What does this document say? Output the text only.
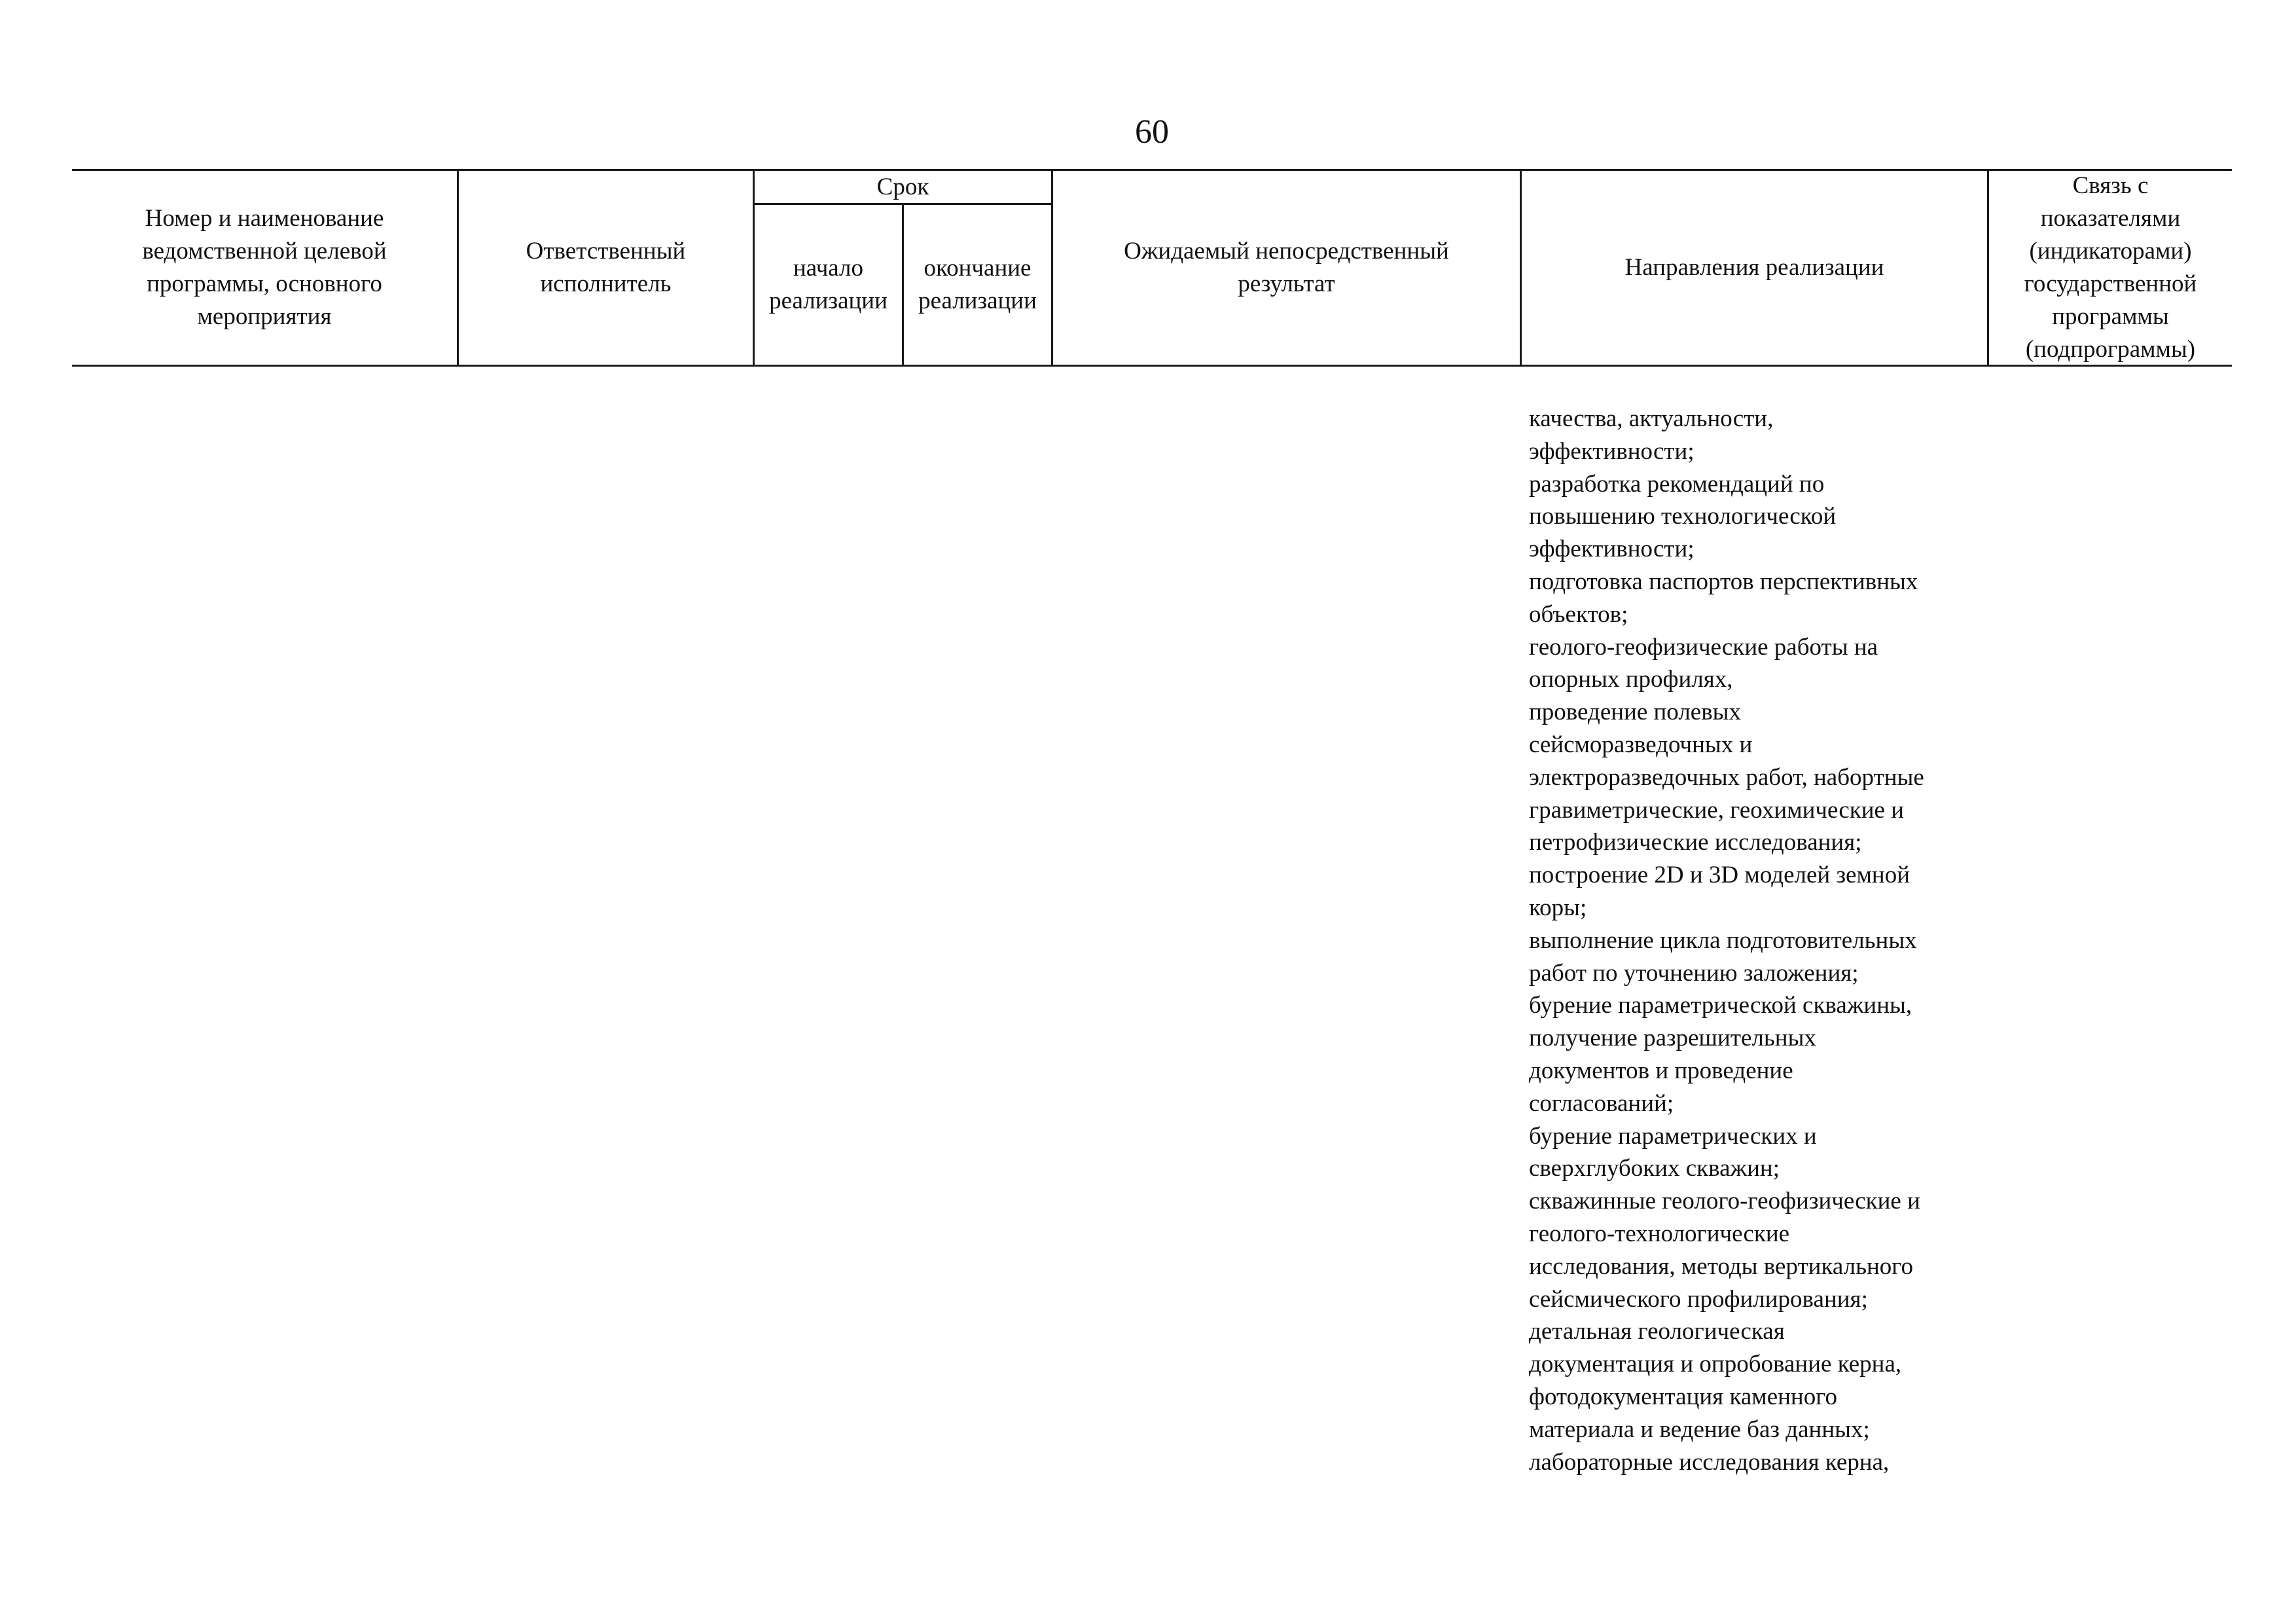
60
Номер и наименование
ведомственной целевой
программы, основного
мероприятия
Ответственный
исполнитель
Срок
начало
реализации
окончание
реализации
Ожидаемый непосредственный
результат
Направления реализации
Связь с
показателями
(индикаторами)
государственной
программы
(подпрограммы)
качества, актуальности,
эффективности;
разработка рекомендаций по
повышению технологической
эффективности;
подготовка паспортов перспективных
объектов;
геолого-геофизические работы на
опорных профилях,
проведение полевых
сейсморазведочных и
электроразведочных работ, набортные
гравиметрические, геохимические и
петрофизические исследования;
построение 2D и 3D моделей земной
коры;
выполнение цикла подготовительных
работ по уточнению заложения;
бурение параметрической скважины,
получение разрешительных
документов и проведение
согласований;
бурение параметрических и
сверхглубоких скважин;
скважинные геолого-геофизические и
геолого-технологические
исследования, методы вертикального
сейсмического профилирования;
детальная геологическая
документация и опробование керна,
фотодокументация каменного
материала и ведение баз данных;
лабораторные исследования керна,
